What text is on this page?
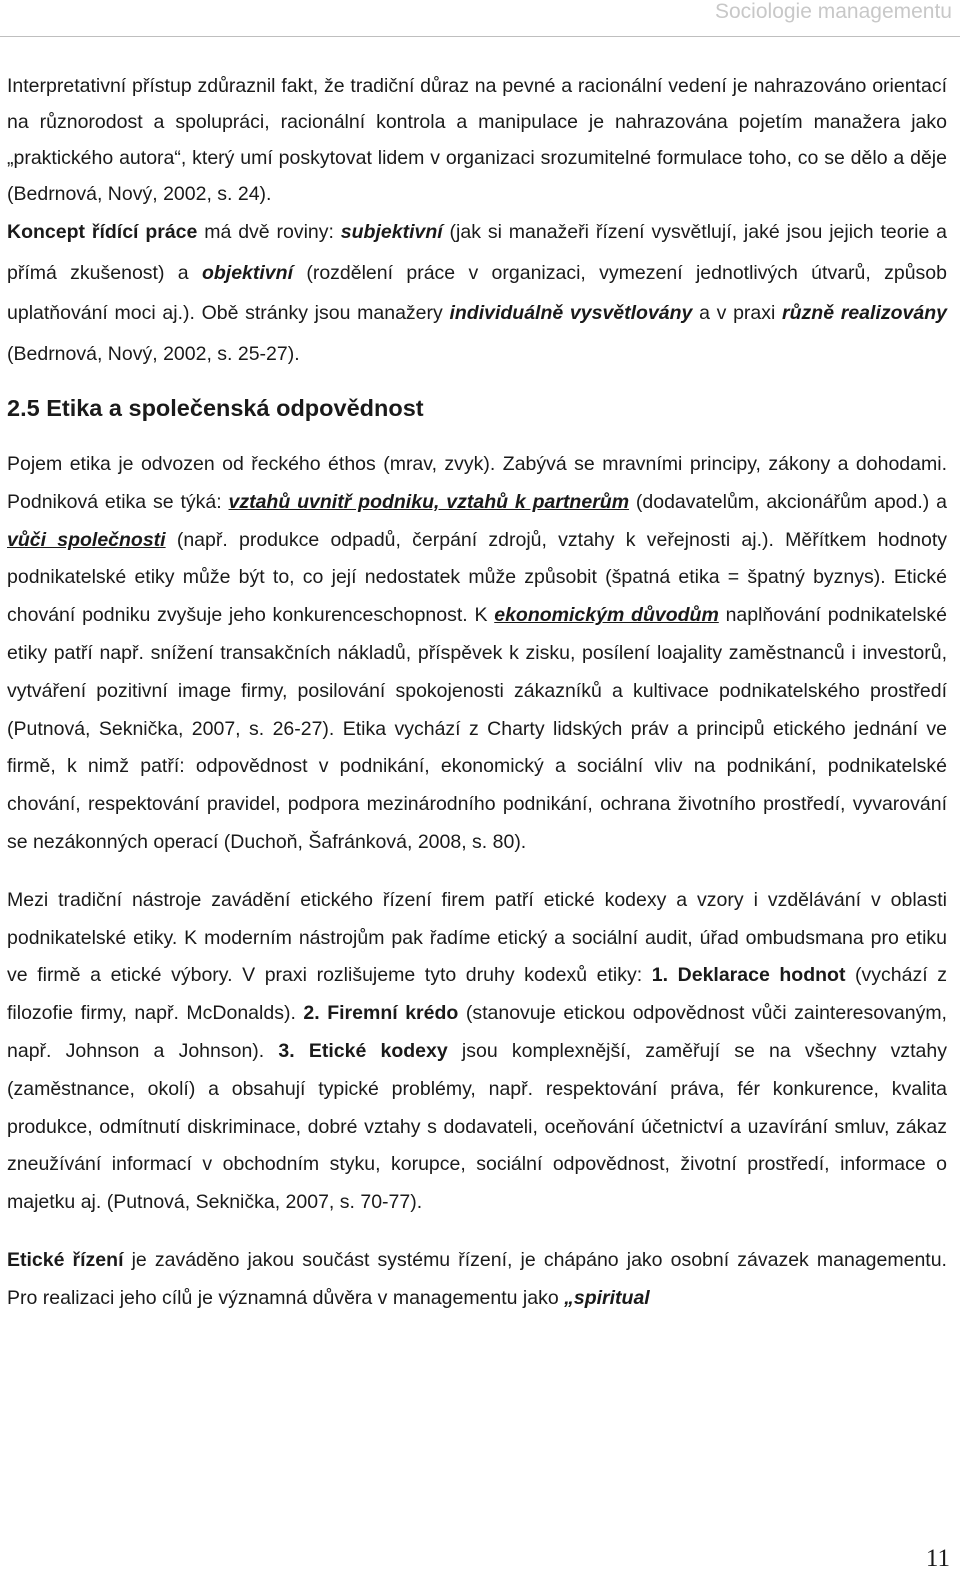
Sociologie managementu

Interpretativní přístup zdůraznil fakt, že tradiční důraz na pevné a racionální vedení je nahrazováno orientací na různorodost a spolupráci, racionální kontrola a manipulace je nahrazována pojetím manažera jako „praktického autora“, který umí poskytovat lidem v organizaci srozumitelné formulace toho, co se dělo a děje (Bedrnová, Nový, 2002, s. 24).

Koncept řídící práce má dvě roviny: subjektivní (jak si manažeři řízení vysvětlují, jaké jsou jejich teorie a přímá zkušenost) a objektivní (rozdělení práce v organizaci, vymezení jednotlivých útvarů, způsob uplatňování moci aj.). Obě stránky jsou manažery individuálně vysvětlovány a v praxi různě realizovány (Bedrnová, Nový, 2002, s. 25-27).

2.5 Etika a společenská odpovědnost

Pojem etika je odvozen od řeckého éthos (mrav, zvyk). Zabývá se mravními principy, zákony a dohodami. Podniková etika se týká: vztahů uvnitř podniku, vztahů k partnerům (dodavatelům, akcionářům apod.) a vůči společnosti (např. produkce odpadů, čerpání zdrojů, vztahy k veřejnosti aj.). Měřítkem hodnoty podnikatelské etiky může být to, co její nedostatek může způsobit (špatná etika = špatný byznys). Etické chování podniku zvyšuje jeho konkurenceschopnost. K ekonomickým důvodům naplňování podnikatelské etiky patří např. snížení transakčních nákladů, příspěvek k zisku, posílení loajality zaměstnanců i investorů, vytváření pozitivní image firmy, posilování spokojenosti zákazníků a kultivace podnikatelského prostředí (Putnová, Seknička, 2007, s. 26-27). Etika vychází z Charty lidských práv a principů etického jednání ve firmě, k nimž patří: odpovědnost v podnikání, ekonomický a sociální vliv na podnikání, podnikatelské chování, respektování pravidel, podpora mezinárodního podnikání, ochrana životního prostředí, vyvarování se nezákonných operací (Duchoň, Šafránková, 2008, s. 80).

Mezi tradiční nástroje zavádění etického řízení firem patří etické kodexy a vzory i vzdělávání v oblasti podnikatelské etiky. K moderním nástrojům pak řadíme etický a sociální audit, úřad ombudsmana pro etiku ve firmě a etické výbory. V praxi rozlišujeme tyto druhy kodexů etiky: 1. Deklarace hodnot (vychází z filozofie firmy, např. McDonalds). 2. Firemní krédo (stanovuje etickou odpovědnost vůči zainteresovaným, např. Johnson a Johnson). 3. Etické kodexy jsou komplexnější, zaměřují se na všechny vztahy (zaměstnance, okolí) a obsahují typické problémy, např. respektování práva, fér konkurence, kvalita produkce, odmítnutí diskriminace, dobré vztahy s dodavateli, oceňování účetnictví a uzavírání smluv, zákaz zneužívání informací v obchodním styku, korupce, sociální odpovědnost, životní prostředí, informace o majetku aj. (Putnová, Seknička, 2007, s. 70-77).

Etické řízení je zaváděno jakou součást systému řízení, je chápáno jako osobní závazek managementu. Pro realizaci jeho cílů je významná důvěra v managementu jako „spiritual

11
